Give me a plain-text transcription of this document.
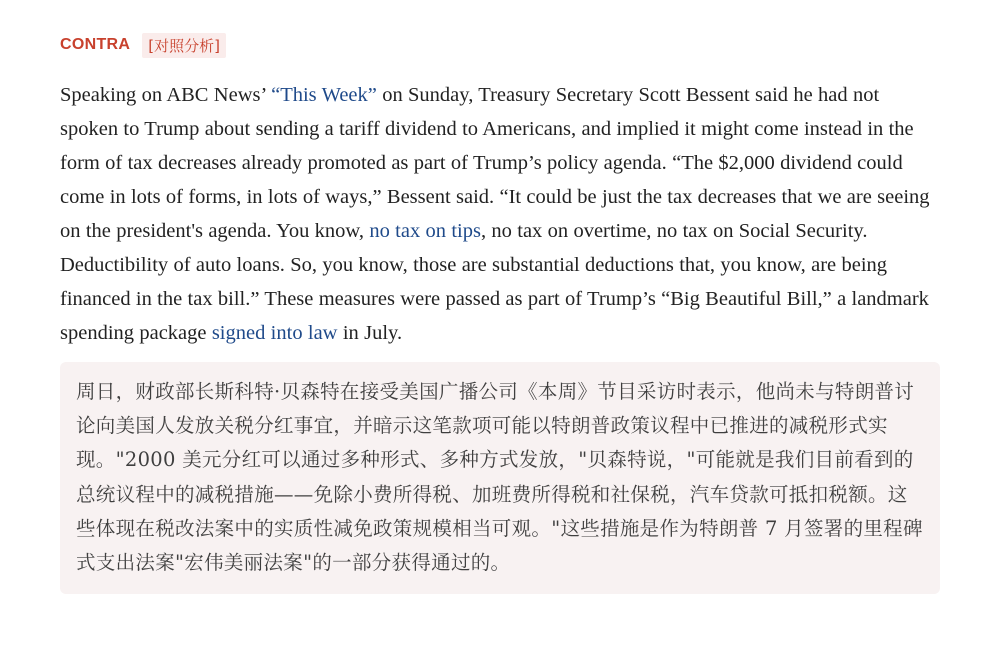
CONTRA	[对照分析]

Speaking on ABC News’ “This Week” on Sunday, Treasury Secretary Scott Bessent said he had not spoken to Trump about sending a tariff dividend to Americans, and implied it might come instead in the form of tax decreases already promoted as part of Trump’s policy agenda. “The $2,000 dividend could come in lots of forms, in lots of ways,” Bessent said. “It could be just the tax decreases that we are seeing on the president's agenda. You know, no tax on tips, no tax on overtime, no tax on Social Security. Deductibility of auto loans. So, you know, those are substantial deductions that, you know, are being financed in the tax bill.” These measures were passed as part of Trump’s “Big Beautiful Bill,” a landmark spending package signed into law in July.

周日，财政部长斯科特·贝森特在接受美国广播公司《本周》节目采访时表示，他尚未与特朗普讨论向美国人发放关税分红事宜，并暗示这笔款项可能以特朗普政策议程中已推进的减税形式实现。"2000 美元分红可以通过多种形式、多种方式发放，"贝森特说，"可能就是我们目前看到的总统议程中的减税措施——免除小费所得税、加班费所得税和社保税，汽车贷款可抵扣税额。这些体现在税改法案中的实质性减免政策规模相当可观。"这些措施是作为特朗普 7 月签署的里程碑式支出法案"宏伟美丽法案"的一部分获得通过的。
